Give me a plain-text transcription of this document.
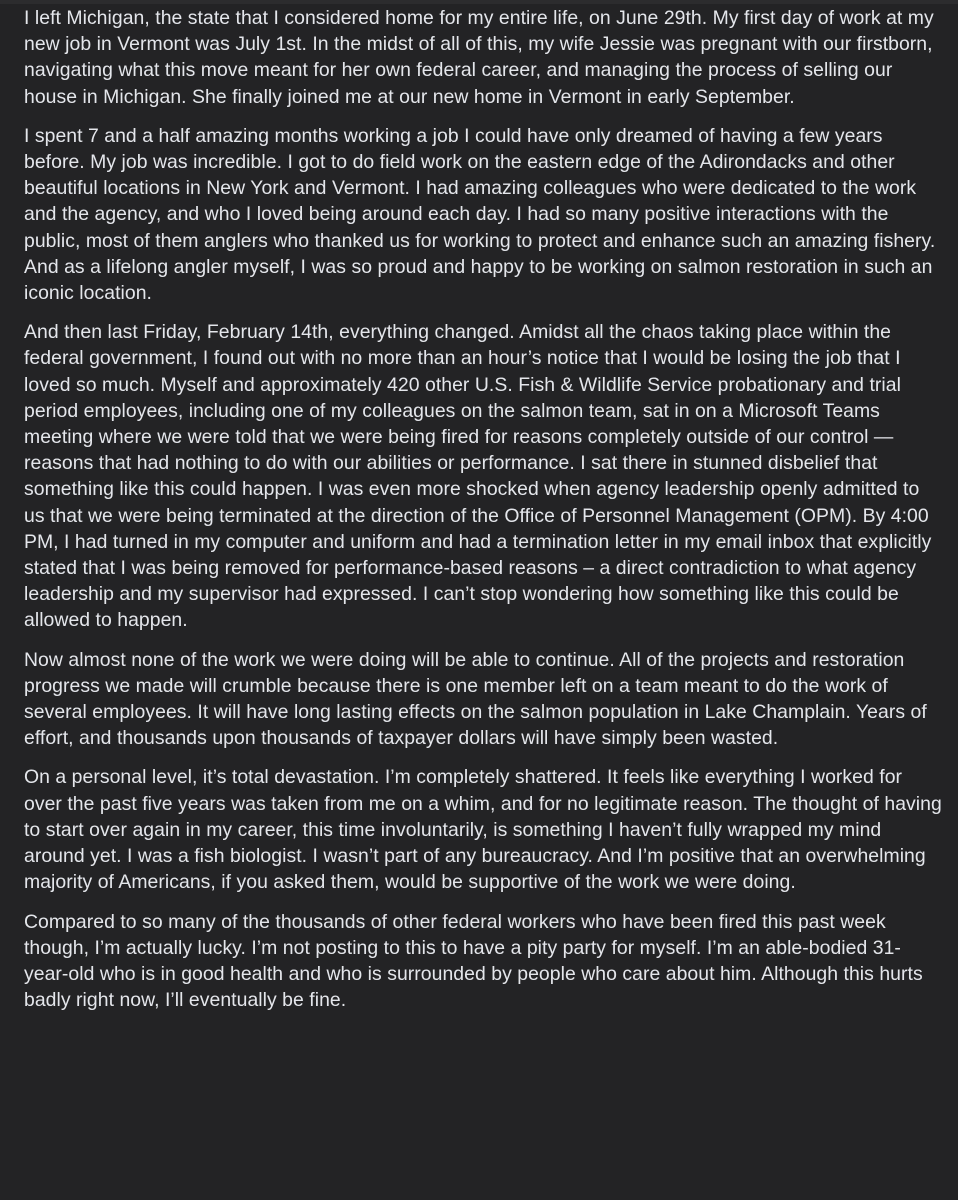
I left Michigan, the state that I considered home for my entire life, on June 29th. My first day of work at my new job in Vermont was July 1st. In the midst of all of this, my wife Jessie was pregnant with our firstborn, navigating what this move meant for her own federal career, and managing the process of selling our house in Michigan. She finally joined me at our new home in Vermont in early September.

I spent 7 and a half amazing months working a job I could have only dreamed of having a few years before. My job was incredible. I got to do field work on the eastern edge of the Adirondacks and other beautiful locations in New York and Vermont. I had amazing colleagues who were dedicated to the work and the agency, and who I loved being around each day. I had so many positive interactions with the public, most of them anglers who thanked us for working to protect and enhance such an amazing fishery. And as a lifelong angler myself, I was so proud and happy to be working on salmon restoration in such an iconic location.

And then last Friday, February 14th, everything changed. Amidst all the chaos taking place within the federal government, I found out with no more than an hour’s notice that I would be losing the job that I loved so much. Myself and approximately 420 other U.S. Fish & Wildlife Service probationary and trial period employees, including one of my colleagues on the salmon team, sat in on a Microsoft Teams meeting where we were told that we were being fired for reasons completely outside of our control — reasons that had nothing to do with our abilities or performance. I sat there in stunned disbelief that something like this could happen. I was even more shocked when agency leadership openly admitted to us that we were being terminated at the direction of the Office of Personnel Management (OPM). By 4:00 PM, I had turned in my computer and uniform and had a termination letter in my email inbox that explicitly stated that I was being removed for performance-based reasons – a direct contradiction to what agency leadership and my supervisor had expressed. I can’t stop wondering how something like this could be allowed to happen.

Now almost none of the work we were doing will be able to continue. All of the projects and restoration progress we made will crumble because there is one member left on a team meant to do the work of several employees. It will have long lasting effects on the salmon population in Lake Champlain. Years of effort, and thousands upon thousands of taxpayer dollars will have simply been wasted.

On a personal level, it’s total devastation. I’m completely shattered. It feels like everything I worked for over the past five years was taken from me on a whim, and for no legitimate reason. The thought of having to start over again in my career, this time involuntarily, is something I haven’t fully wrapped my mind around yet. I was a fish biologist. I wasn’t part of any bureaucracy. And I’m positive that an overwhelming majority of Americans, if you asked them, would be supportive of the work we were doing.

Compared to so many of the thousands of other federal workers who have been fired this past week though, I’m actually lucky. I’m not posting to this to have a pity party for myself. I’m an able-bodied 31-year-old who is in good health and who is surrounded by people who care about him. Although this hurts badly right now, I’ll eventually be fine.
